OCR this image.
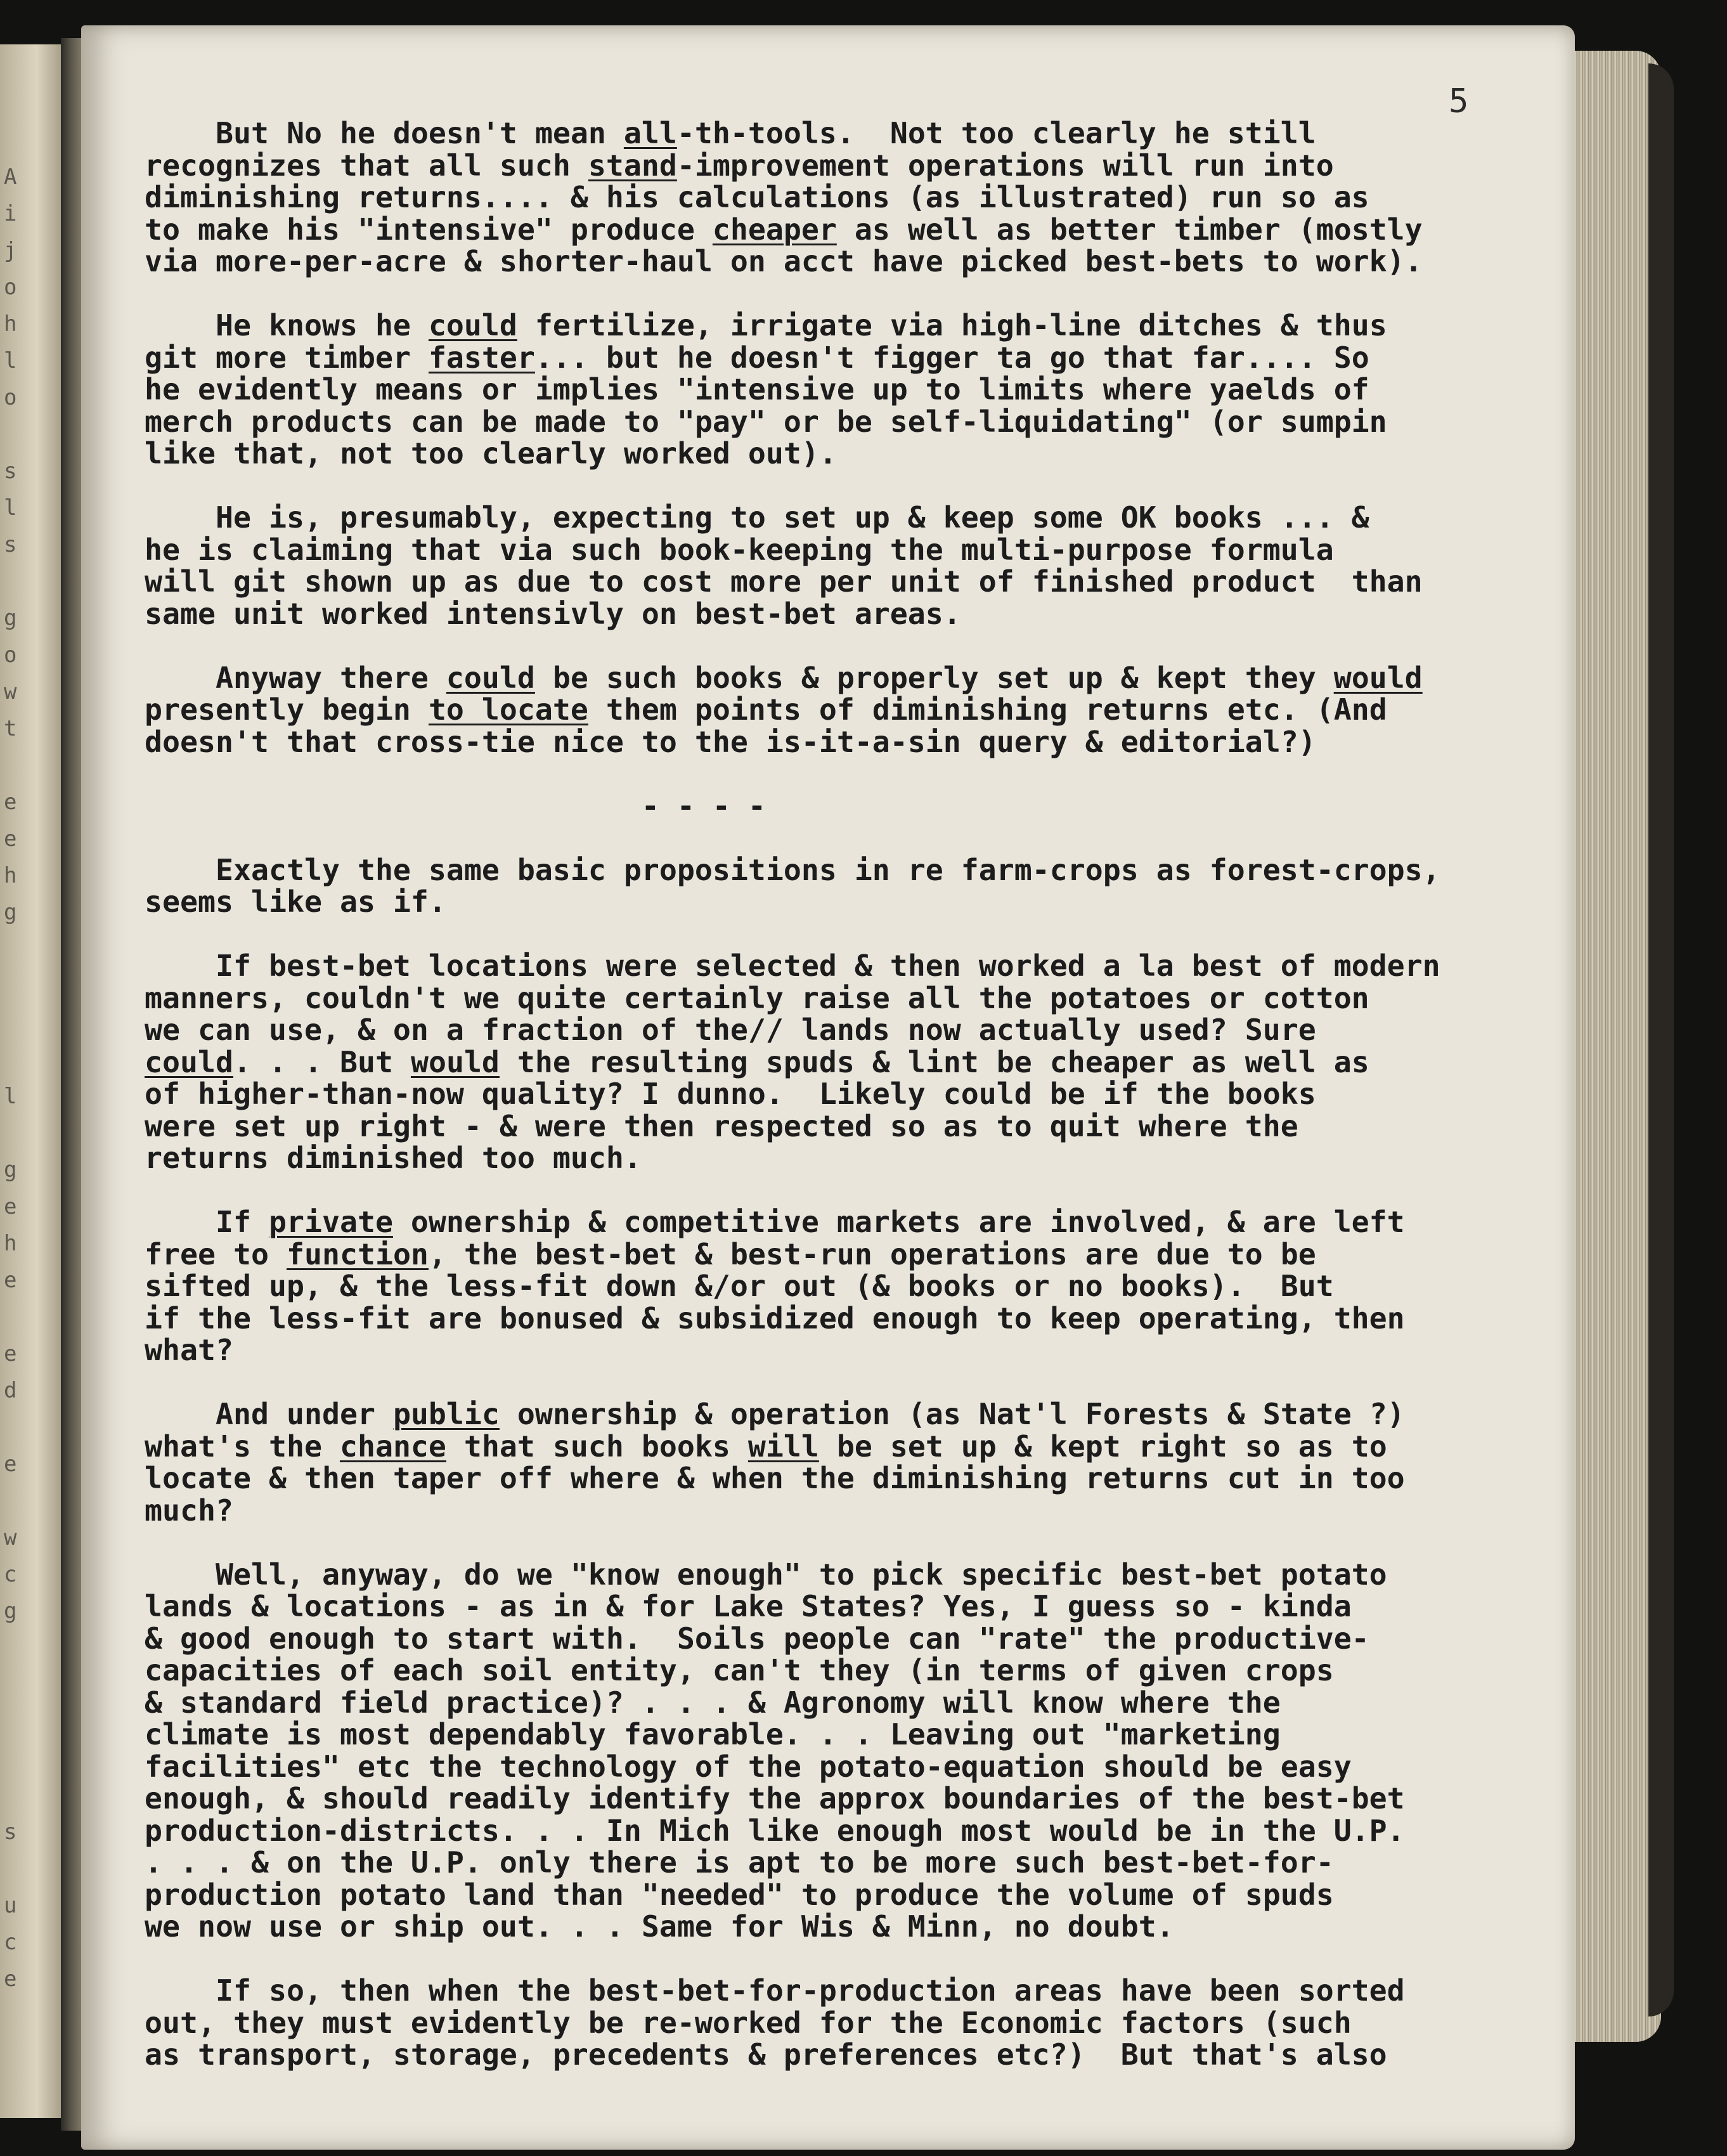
A
i
j
o
h
l
o
s
l
s
g
o
w
t
e
e
h
g
l
g
e
h
e
e
d
e
w
c
g
s
u
c
e
5
But No he doesn't mean all-th-tools.  Not too clearly he still
recognizes that all such stand-improvement operations will run into
diminishing returns.... & his calculations (as illustrated) run so as
to make his "intensive" produce cheaper as well as better timber (mostly
via more-per-acre & shorter-haul on acct have picked best-bets to work).
He knows he could fertilize, irrigate via high-line ditches & thus
git more timber faster... but he doesn't figger ta go that far.... So
he evidently means or implies "intensive up to limits where yaelds of
merch products can be made to "pay" or be self-liquidating" (or sumpin
like that, not too clearly worked out).
He is, presumably, expecting to set up & keep some OK books ... &
he is claiming that via such book-keeping the multi-purpose formula
will git shown up as due to cost more per unit of finished product  than
same unit worked intensivly on best-bet areas.
Anyway there could be such books & properly set up & kept they would
presently begin to locate them points of diminishing returns etc. (And
doesn't that cross-tie nice to the is-it-a-sin query & editorial?)
- - - -
Exactly the same basic propositions in re farm-crops as forest-crops,
seems like as if.
If best-bet locations were selected & then worked a la best of modern
manners, couldn't we quite certainly raise all the potatoes or cotton
we can use, & on a fraction of the// lands now actually used? Sure
could. . . But would the resulting spuds & lint be cheaper as well as
of higher-than-now quality? I dunno.  Likely could be if the books
were set up right - & were then respected so as to quit where the
returns diminished too much.
If private ownership & competitive markets are involved, & are left
free to function, the best-bet & best-run operations are due to be
sifted up, & the less-fit down &/or out (& books or no books).  But
if the less-fit are bonused & subsidized enough to keep operating, then
what?
And under public ownership & operation (as Nat'l Forests & State ?)
what's the chance that such books will be set up & kept right so as to
locate & then taper off where & when the diminishing returns cut in too
much?
Well, anyway, do we "know enough" to pick specific best-bet potato
lands & locations - as in & for Lake States? Yes, I guess so - kinda
& good enough to start with.  Soils people can "rate" the productive-
capacities of each soil entity, can't they (in terms of given crops
& standard field practice)? . . . & Agronomy will know where the
climate is most dependably favorable. . . Leaving out "marketing
facilities" etc the technology of the potato-equation should be easy
enough, & should readily identify the approx boundaries of the best-bet
production-districts. . . In Mich like enough most would be in the U.P.
. . . & on the U.P. only there is apt to be more such best-bet-for-
production potato land than "needed" to produce the volume of spuds
we now use or ship out. . . Same for Wis & Minn, no doubt.
If so, then when the best-bet-for-production areas have been sorted
out, they must evidently be re-worked for the Economic factors (such
as transport, storage, precedents & preferences etc?)  But that's also
